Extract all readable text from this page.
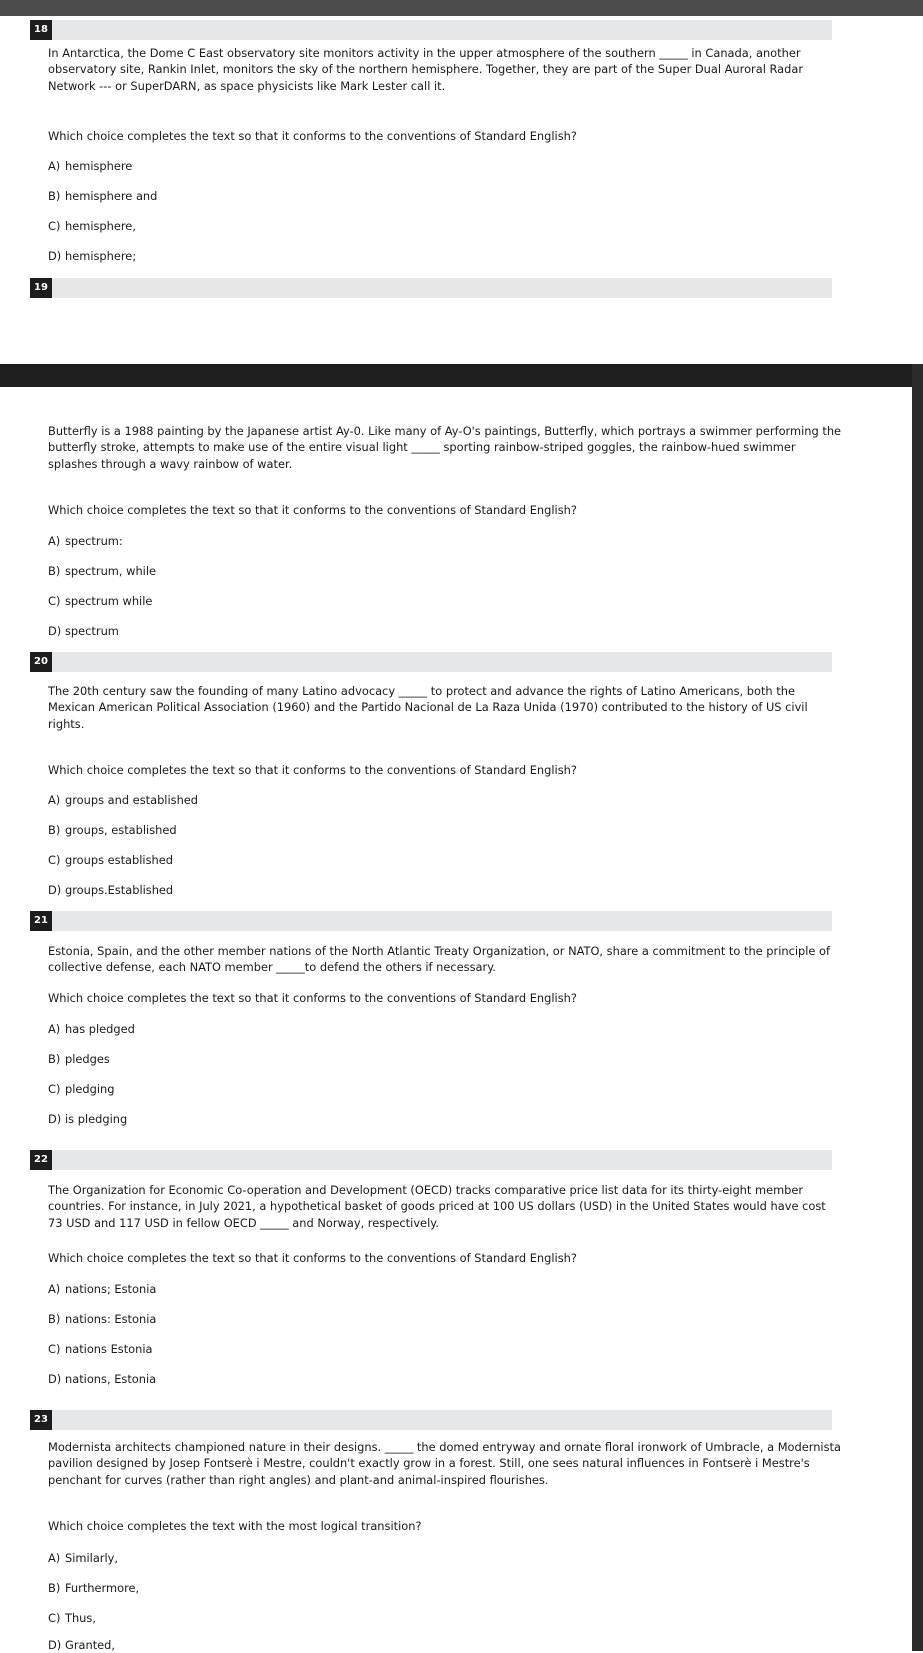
18

In Antarctica, the Dome C East observatory site monitors activity in the upper atmosphere of the southern _____ in Canada, another observatory site, Rankin Inlet, monitors the sky of the northern hemisphere. Together, they are part of the Super Dual Auroral Radar Network --- or SuperDARN, as space physicists like Mark Lester call it.

Which choice completes the text so that it conforms to the conventions of Standard English?

A) hemisphere
B) hemisphere and
C) hemisphere,
D) hemisphere;
19

Butterfly is a 1988 painting by the Japanese artist Ay-0. Like many of Ay-O's paintings, Butterfly, which portrays a swimmer performing the butterfly stroke, attempts to make use of the entire visual light _____ sporting rainbow-striped goggles, the rainbow-hued swimmer splashes through a wavy rainbow of water.

Which choice completes the text so that it conforms to the conventions of Standard English?

A) spectrum:
B) spectrum, while
C) spectrum while
D) spectrum
20

The 20th century saw the founding of many Latino advocacy _____ to protect and advance the rights of Latino Americans, both the Mexican American Political Association (1960) and the Partido Nacional de La Raza Unida (1970) contributed to the history of US civil rights.

Which choice completes the text so that it conforms to the conventions of Standard English?

A) groups and established
B) groups, established
C) groups established
D) groups.Established
21

Estonia, Spain, and the other member nations of the North Atlantic Treaty Organization, or NATO, share a commitment to the principle of collective defense, each NATO member _____to defend the others if necessary.

Which choice completes the text so that it conforms to the conventions of Standard English?

A) has pledged
B) pledges
C) pledging
D) is pledging
22

The Organization for Economic Co-operation and Development (OECD) tracks comparative price list data for its thirty-eight member countries. For instance, in July 2021, a hypothetical basket of goods priced at 100 US dollars (USD) in the United States would have cost 73 USD and 117 USD in fellow OECD _____ and Norway, respectively.

Which choice completes the text so that it conforms to the conventions of Standard English?

A) nations; Estonia
B) nations: Estonia
C) nations Estonia
D) nations, Estonia
23

Modernista architects championed nature in their designs. _____ the domed entryway and ornate floral ironwork of Umbracle, a Modernista pavilion designed by Josep Fontserè i Mestre, couldn't exactly grow in a forest. Still, one sees natural influences in Fontserè i Mestre's penchant for curves (rather than right angles) and plant-and animal-inspired flourishes.

Which choice completes the text with the most logical transition?

A) Similarly,
B) Furthermore,
C) Thus,
D) Granted,
